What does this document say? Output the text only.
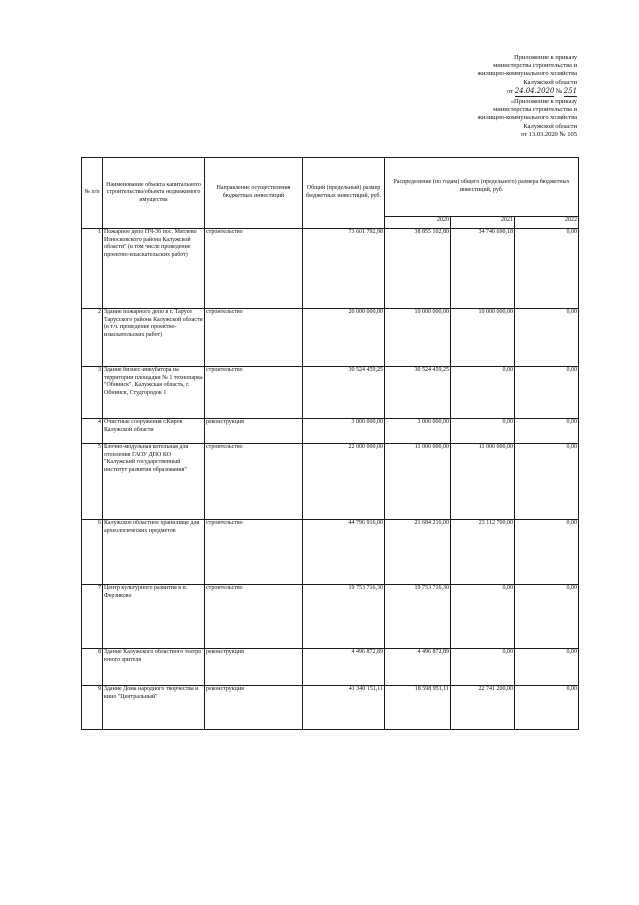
Приложение к приказу
министерства строительства и
жилищно-коммунального хозяйства
Калужской области
от 24.04.2020 № 251
«Приложение к приказу
министерства строительства и
жилищно-коммунального хозяйства
Калужской области
от 13.03.2020 № 105
№ п/п	Наименование объекта капитального строительства/объекта недвижимого имущества	Направление осуществления бюджетных инвестиций	Общий (предельный) размер бюджетных инвестиций, руб.	Распределение (по годам) общего (предельного) размера бюджетных инвестиций, руб.		
				2020	2021	2022
1	Пожарное депо ПЧ-36 пос. Мятлево Износковского района Калужской области" (в том числе проведение проектно-изыскательских работ)	строительство	73 601 792,98	38 855 102,80	34 746 690,18	0,00
2	Здание пожарного депо в г. Тарусе Тарусского района Калужской области (в т.ч. проведение проектно-изыскательских работ)	строительство	20 000 000,00	10 000 000,00	10 000 000,00	0,00
3	Здание бизнес-инкубатора на территории площадки № 1 технопарка "Обнинск". Калужская область, г. Обнинск, Студгородок 1	строительство	30 524 459,25	30 524 459,25	0,00	0,00
4	Очистные сооружения г.Киров Калужской области	реконструкция	3 000 000,00	3 000 000,00	0,00	0,00
5	Блочно-модульная котельная для отопления ГАОУ ДПО КО "Калужский государственный институт развития образования"	строительство	22 000 000,00	11 000 000,00	11 000 000,00	0,00
6	Калужское областное хранилище для археологических предметов	строительство	44 796 916,00	21 684 216,00	23 112 700,00	0,00
7	Центр культурного развития в п. Ферзиково	строительство	19 753 716,30	19 753 716,30	0,00	0,00
8	Здание Калужского областного театра юного зрителя	реконструкция	4 496 872,89	4 496 872,89	0,00	0,00
9	Здание Дома народного творчества и кино "Центральный"	реконструкция	41 340 151,11	18 598 951,11	22 741 200,00	0,00
